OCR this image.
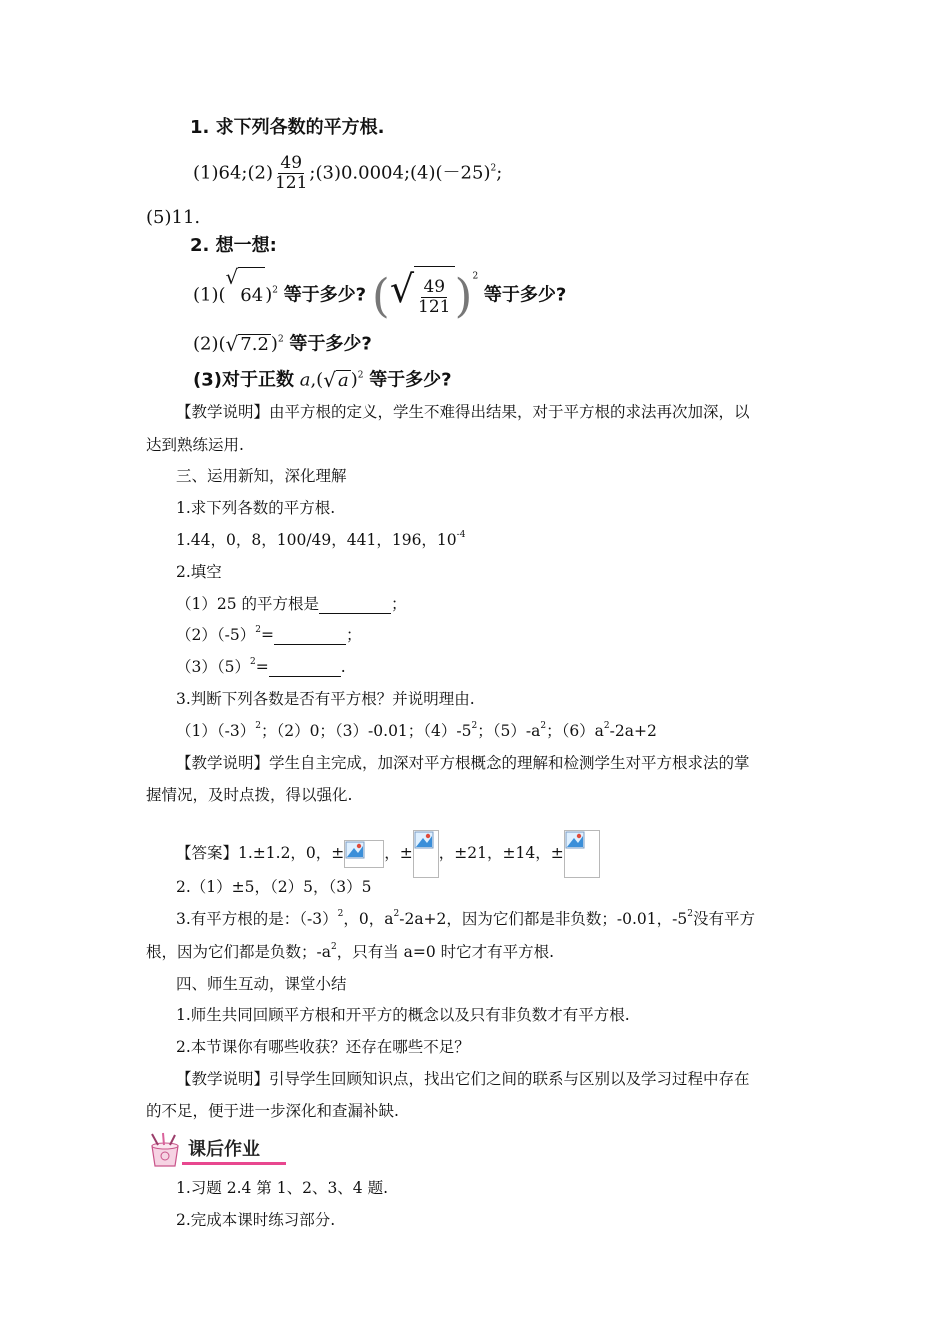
1. 求下列各数的平方根.
(1)64;(2) $\frac{49}{121}$ $;(3)0.0004;(4)(-25)^2$;
(5)11.
2. 想一想:
(1)(
√
64 )$^2$ 等于多少? ( √ $\frac{49}{121} )^2$ 等于多少?
(2)( √ 7.2 )$^2$ 等于多少?
(3)对于正数 a,( √ a )$^2$ 等于多少?
【教学说明】由平方根的定义，学生不难得出结果，对于平方根的求法再次加深，以
达到熟练运用.
三、运用新知，深化理解
1.求下列各数的平方根.
1.44，0，8，100/49，441，196，$10^{-4}$
2.填空
（1）25 的平方根是	；
$(2)(-5)^2=$	；
$(3)(5)^2=$	.
3.判断下列各数是否有平方根？并说明理由.
$(1)(-3)^2$；（2）0；（3）-0.01；$(4)-5^2$；$(5)-a^2$；$(6)a^2-2a+2$
【教学说明】学生自主完成，加深对平方根概念的理解和检测学生对平方根求法的掌
握情况，及时点拨，得以强化.
【答案】1.±1.2，0，±	，± ，±21，±14，±
2.（1）±5，（2）5，（3）5
3.有平方根的是：$(-3)^2$，0，$a^2-2a+2$，因为它们都是非负数；-0.01，$-5^2$没有平方
根，因为它们都是负数；$-a^2$，只有当 a=0 时它才有平方根.
四、师生互动，课堂小结
1.师生共同回顾平方根和开平方的概念以及只有非负数才有平方根.
2.本节课你有哪些收获？还存在哪些不足？
【教学说明】引导学生回顾知识点，找出它们之间的联系与区别以及学习过程中存在
的不足，便于进一步深化和查漏补缺.
课后作业
1.习题 2.4 第 1、2、3、4 题.
2.完成本课时练习部分.
